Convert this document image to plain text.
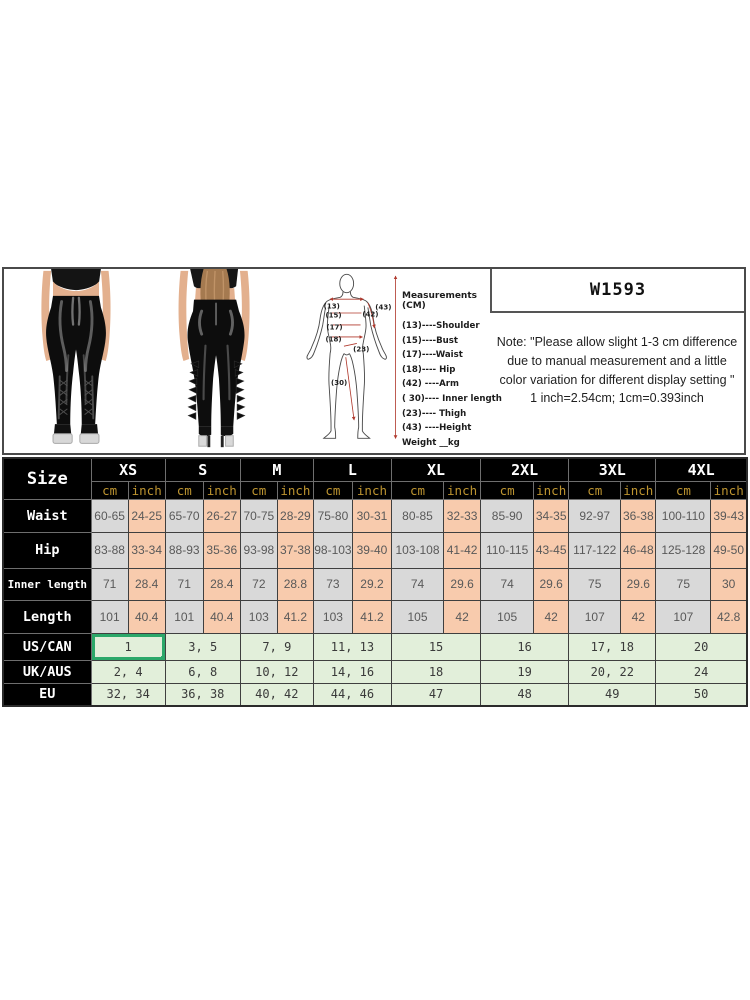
(13)
(15)
(17)
(18)
(23)
(30)
(42)
(43)
Measurements (CM)
(13)----Shoulder
(15)----Bust
(17)----Waist
(18)---- Hip
(42) ----Arm
( 30)---- Inner length
(23)---- Thigh
(43) ----Height
Weight __kg
W1593
Note: "Please allow slight 1-3 cm difference due to manual measurement and a little color variation for different display setting "
1 inch=2.54cm; 1cm=0.393inch
Size	XS		S		M		L		XL		2XL		3XL		4XL	
	cm	inch	cm	inch	cm	inch	cm	inch	cm	inch	cm	inch	cm	inch	cm	inch
Waist	60-65	24-25	65-70	26-27	70-75	28-29	75-80	30-31	80-85	32-33	85-90	34-35	92-97	36-38	100-110	39-43
Hip	83-88	33-34	88-93	35-36	93-98	37-38	98-103	39-40	103-108	41-42	110-115	43-45	117-122	46-48	125-128	49-50
Inner length	71	28.4	71	28.4	72	28.8	73	29.2	74	29.6	74	29.6	75	29.6	75	30
Length	101	40.4	101	40.4	103	41.2	103	41.2	105	42	105	42	107	42	107	42.8
US/CAN	1		3, 5		7, 9		11, 13		15		16		17, 18		20	
UK/AUS	2, 4		6, 8		10, 12		14, 16		18		19		20, 22		24	
EU	32, 34		36, 38		40, 42		44, 46		47		48		49		50	
